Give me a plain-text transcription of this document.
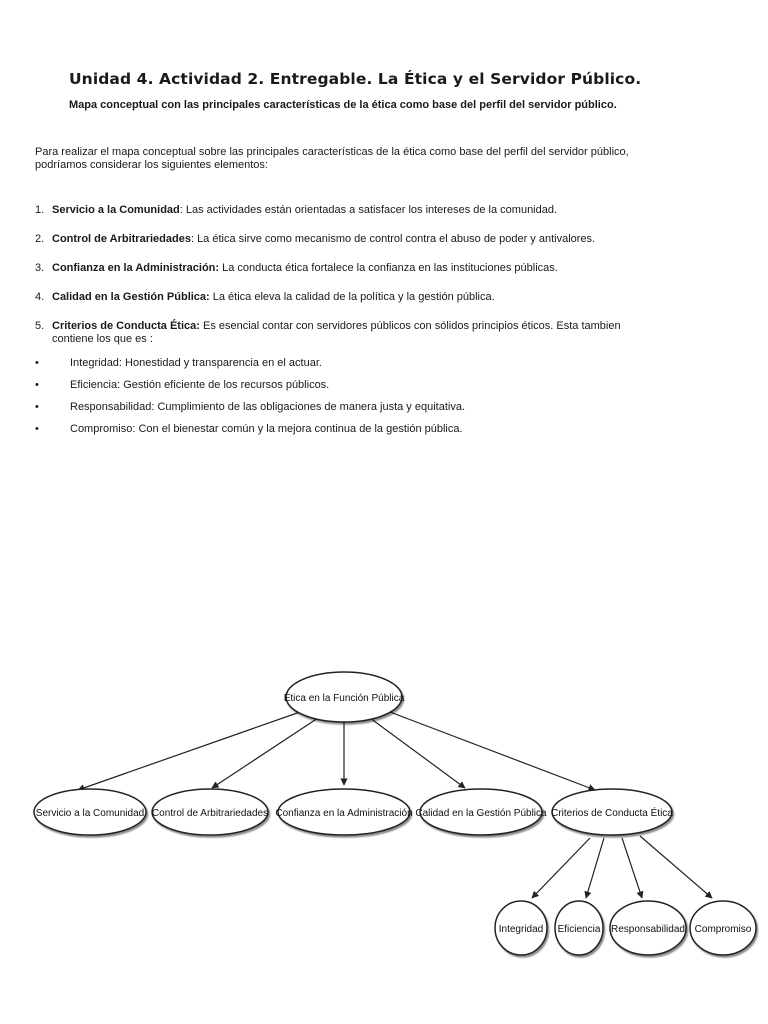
Unidad 4. Actividad 2. Entregable. La Ética y el Servidor Público.
Mapa conceptual con las principales características de la ética como base del perfil del servidor público.
Para realizar el mapa conceptual sobre las principales características de la ética como base del perfil del servidor público,
podríamos considerar los siguientes elementos:
1. Servicio a la Comunidad: Las actividades están orientadas a satisfacer los intereses de la comunidad.
2. Control de Arbitrariedades: La ética sirve como mecanismo de control contra el abuso de poder y antivalores.
3. Confianza en la Administración: La conducta ética fortalece la confianza en las instituciones públicas.
4. Calidad en la Gestión Pública: La ética eleva la calidad de la política y la gestión pública.
5. Criterios de Conducta Ética: Es esencial contar con servidores públicos con sólidos principios éticos. Esta tambien
contiene los que es :
•	Integridad: Honestidad y transparencia en el actuar.
•	Eficiencia: Gestión eficiente de los recursos públicos.
•	Responsabilidad: Cumplimiento de las obligaciones de manera justa y equitativa.
•	Compromiso: Con el bienestar común y la mejora continua de la gestión pública.
Ética en la Función Pública
Servicio a la Comunidad Control de Arbitrariedades Confianza en la Administración Calidad en la Gestión Pública Criterios de Conducta Ética
Integridad Eficiencia Responsabilidad Compromiso
